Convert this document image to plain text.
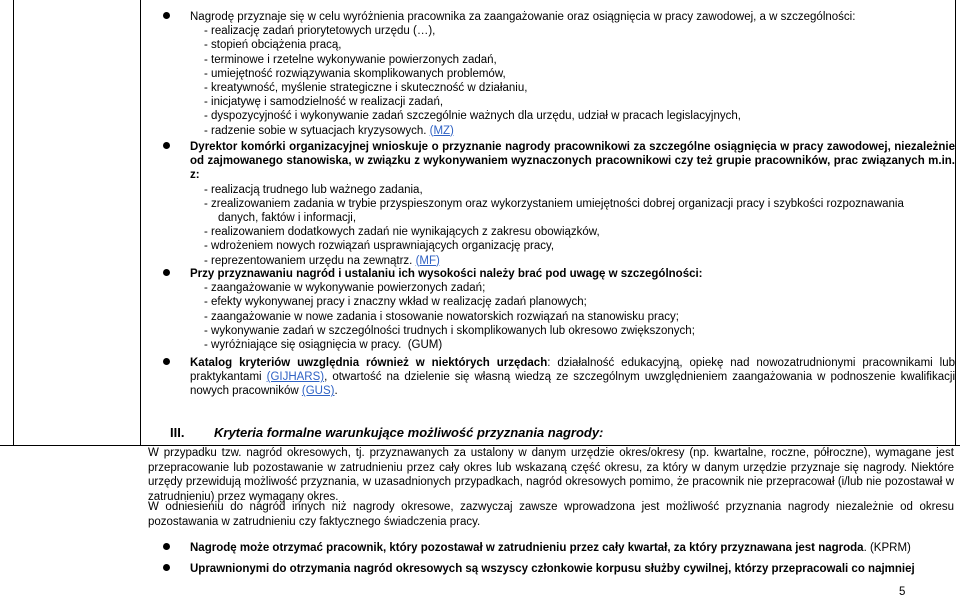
Nagrodę przyznaje się w celu wyróżnienia pracownika za zaangażowanie oraz osiągnięcia w pracy zawodowej, a w szczególności:
- realizację zadań priorytetowych urzędu (…),
- stopień obciążenia pracą,
- terminowe i rzetelne wykonywanie powierzonych zadań,
- umiejętność rozwiązywania skomplikowanych problemów,
- kreatywność, myślenie strategiczne i skuteczność w działaniu,
- inicjatywę i samodzielność w realizacji zadań,
- dyspozycyjność i wykonywanie zadań szczególnie ważnych dla urzędu, udział w pracach legislacyjnych,
- radzenie sobie w sytuacjach kryzysowych. (MZ)
Dyrektor komórki organizacyjnej wnioskuje o przyznanie nagrody pracownikowi za szczególne osiągnięcia w pracy zawodowej, niezależnie od zajmowanego stanowiska, w związku z wykonywaniem wyznaczonych pracownikowi czy też grupie pracowników, prac związanych m.in. z:
- realizacją trudnego lub ważnego zadania,
- zrealizowaniem zadania w trybie przyspieszonym oraz wykorzystaniem umiejętności dobrej organizacji pracy i szybkości rozpoznawania
danych, faktów i informacji,
- realizowaniem dodatkowych zadań nie wynikających z zakresu obowiązków,
- wdrożeniem nowych rozwiązań usprawniających organizację pracy,
- reprezentowaniem urzędu na zewnątrz. (MF)
Przy przyznawaniu nagród i ustalaniu ich wysokości należy brać pod uwagę w szczególności:
- zaangażowanie w wykonywanie powierzonych zadań;
- efekty wykonywanej pracy i znaczny wkład w realizację zadań planowych;
- zaangażowanie w nowe zadania i stosowanie nowatorskich rozwiązań na stanowisku pracy;
- wykonywanie zadań w szczególności trudnych i skomplikowanych lub okresowo zwiększonych;
- wyróżniające się osiągnięcia w pracy. (GUM)
Katalog kryteriów uwzględnia również w niektórych urzędach: działalność edukacyjną, opiekę nad nowozatrudnionymi pracownikami lub praktykantami (GIJHARS), otwartość na dzielenie się własną wiedzą ze szczególnym uwzględnieniem zaangażowania w podnoszenie kwalifikacji nowych pracowników (GUS).
III. Kryteria formalne warunkujące możliwość przyznania nagrody:
W przypadku tzw. nagród okresowych, tj. przyznawanych za ustalony w danym urzędzie okres/okresy (np. kwartalne, roczne, półroczne), wymagane jest przepracowanie lub pozostawanie w zatrudnieniu przez cały okres lub wskazaną część okresu, za który w danym urzędzie przyznaje się nagrody. Niektóre urzędy przewidują możliwość przyznania, w uzasadnionych przypadkach, nagród okresowych pomimo, że pracownik nie przepracował (i/lub nie pozostawał w zatrudnieniu) przez wymagany okres.
W odniesieniu do nagród innych niż nagrody okresowe, zazwyczaj zawsze wprowadzona jest możliwość przyznania nagrody niezależnie od okresu pozostawania w zatrudnieniu czy faktycznego świadczenia pracy.
Nagrodę może otrzymać pracownik, który pozostawał w zatrudnieniu przez cały kwartał, za który przyznawana jest nagroda. (KPRM)
Uprawnionymi do otrzymania nagród okresowych są wszyscy członkowie korpusu służby cywilnej, którzy przepracowali co najmniej
5
